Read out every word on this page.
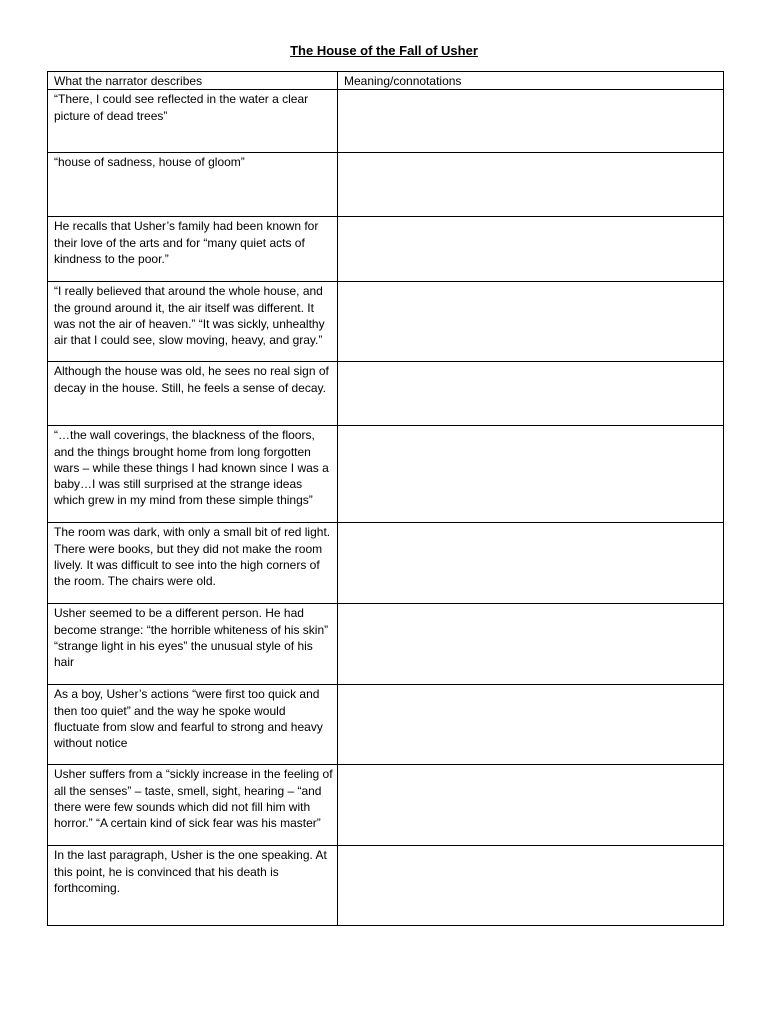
The House of the Fall of Usher
What the narrator describes	Meaning/connotations
“There, I could see reflected in the water a clear picture of dead trees”	
“house of sadness, house of gloom”	
He recalls that Usher’s family had been known for their love of the arts and for “many quiet acts of kindness to the poor.”	
“I really believed that around the whole house, and the ground around it, the air itself was different. It was not the air of heaven.” “It was sickly, unhealthy air that I could see, slow moving, heavy, and gray.”	
Although the house was old, he sees no real sign of decay in the house. Still, he feels a sense of decay.	
“…the wall coverings, the blackness of the floors, and the things brought home from long forgotten wars – while these things I had known since I was a baby…I was still surprised at the strange ideas which grew in my mind from these simple things”	
The room was dark, with only a small bit of red light. There were books, but they did not make the room lively. It was difficult to see into the high corners of the room. The chairs were old.	
Usher seemed to be a different person. He had become strange: “the horrible whiteness of his skin” “strange light in his eyes” the unusual style of his hair	
As a boy, Usher’s actions “were first too quick and then too quiet” and the way he spoke would fluctuate from slow and fearful to strong and heavy without notice	
Usher suffers from a “sickly increase in the feeling of all the senses” – taste, smell, sight, hearing – “and there were few sounds which did not fill him with horror.” “A certain kind of sick fear was his master”	
In the last paragraph, Usher is the one speaking. At this point, he is convinced that his death is forthcoming.	
